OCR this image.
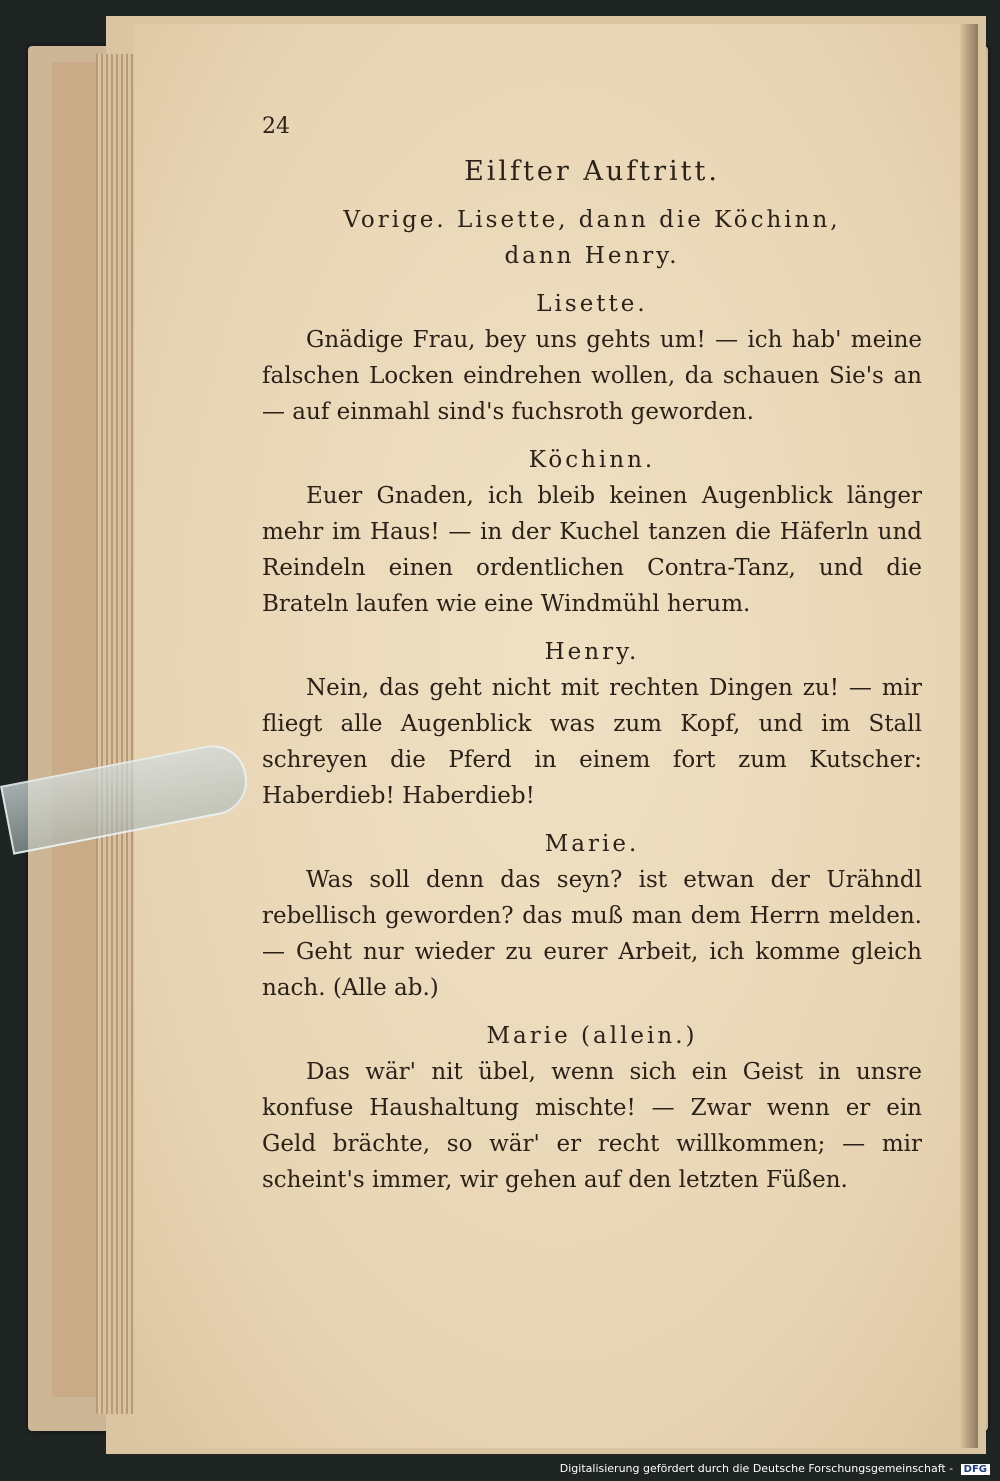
24
Eilfter Auftritt.
Vorige. Lisette, dann die Köchinn,
dann Henry.
Lisette.

Gnädige Frau, bey uns gehts um! — ich hab' meine falschen Locken eindrehen wollen, da schauen Sie's an — auf einmahl sind's fuchsroth geworden.

Köchinn.

Euer Gnaden, ich bleib keinen Augenblick länger mehr im Haus! — in der Kuchel tanzen die Häferln und Reindeln einen ordentlichen Contra-Tanz, und die Brateln laufen wie eine Windmühl herum.

Henry.

Nein, das geht nicht mit rechten Dingen zu! — mir fliegt alle Augenblick was zum Kopf, und im Stall schreyen die Pferd in einem fort zum Kutscher: Haberdieb! Haberdieb!

Marie.

Was soll denn das seyn? ist etwan der Urähndl rebellisch geworden? das muß man dem Herrn melden. — Geht nur wieder zu eurer Arbeit, ich komme gleich nach. (Alle ab.)

Marie (allein.)

Das wär' nit übel, wenn sich ein Geist in unsre konfuse Haushaltung mischte! — Zwar wenn er ein Geld brächte, so wär' er recht willkommen; — mir scheint's immer, wir gehen auf den letzten Füßen.

Digitalisierung gefördert durch die Deutsche Forschungsgemeinschaft - DFG
